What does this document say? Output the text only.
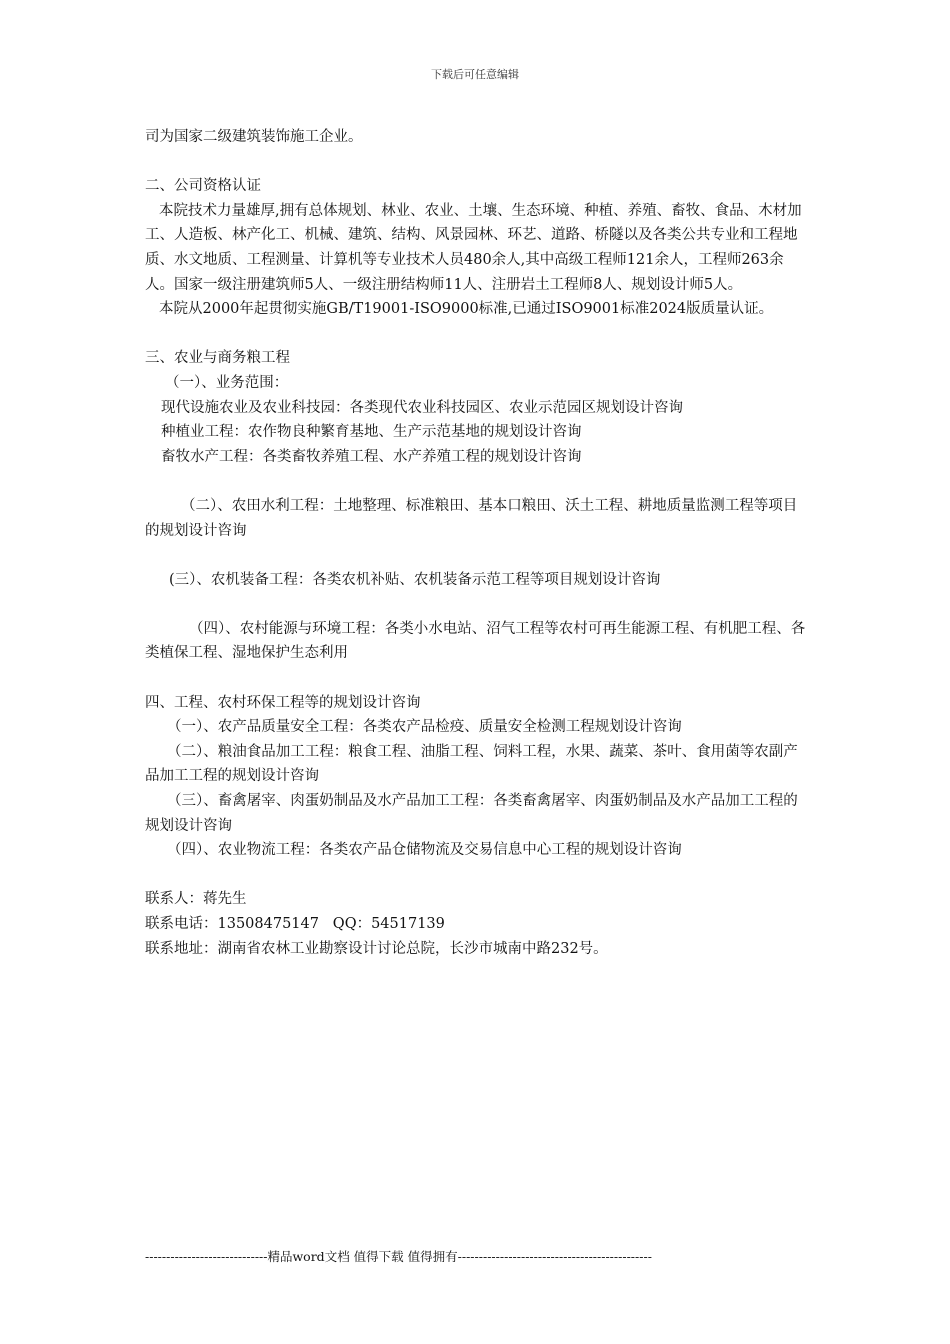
下载后可任意编辑

司为国家二级建筑装饰施工企业。

二、公司资格认证

本院技术力量雄厚,拥有总体规划、林业、农业、土壤、生态环境、种植、养殖、畜牧、食品、木材加工、人造板、林产化工、机械、建筑、结构、风景园林、环艺、道路、桥隧以及各类公共专业和工程地质、水文地质、工程测量、计算机等专业技术人员480余人,其中高级工程师121余人，工程师263余人。国家一级注册建筑师5人、一级注册结构师11人、注册岩土工程师8人、规划设计师5人。

本院从2000年起贯彻实施GB/T19001-ISO9000标准,已通过ISO9001标准2024版质量认证。

三、农业与商务粮工程

（一）、业务范围：

现代设施农业及农业科技园：各类现代农业科技园区、农业示范园区规划设计咨询

种植业工程：农作物良种繁育基地、生产示范基地的规划设计咨询

畜牧水产工程：各类畜牧养殖工程、水产养殖工程的规划设计咨询

（二）、农田水利工程：土地整理、标准粮田、基本口粮田、沃土工程、耕地质量监测工程等项目的规划设计咨询

(三）、农机装备工程：各类农机补贴、农机装备示范工程等项目规划设计咨询

（四）、农村能源与环境工程：各类小水电站、沼气工程等农村可再生能源工程、有机肥工程、各类植保工程、湿地保护生态利用

四、工程、农村环保工程等的规划设计咨询

（一）、农产品质量安全工程：各类农产品检疫、质量安全检测工程规划设计咨询

（二）、粮油食品加工工程：粮食工程、油脂工程、饲料工程，水果、蔬菜、茶叶、食用菌等农副产品加工工程的规划设计咨询

（三）、畜禽屠宰、肉蛋奶制品及水产品加工工程：各类畜禽屠宰、肉蛋奶制品及水产品加工工程的规划设计咨询

（四）、农业物流工程：各类农产品仓储物流及交易信息中心工程的规划设计咨询

联系人：蒋先生

联系电话：13508475147   QQ：54517139

联系地址：湖南省农林工业勘察设计讨论总院，长沙市城南中路232号。

-----------------------------精品word文档 值得下载 值得拥有----------------------------------------------
